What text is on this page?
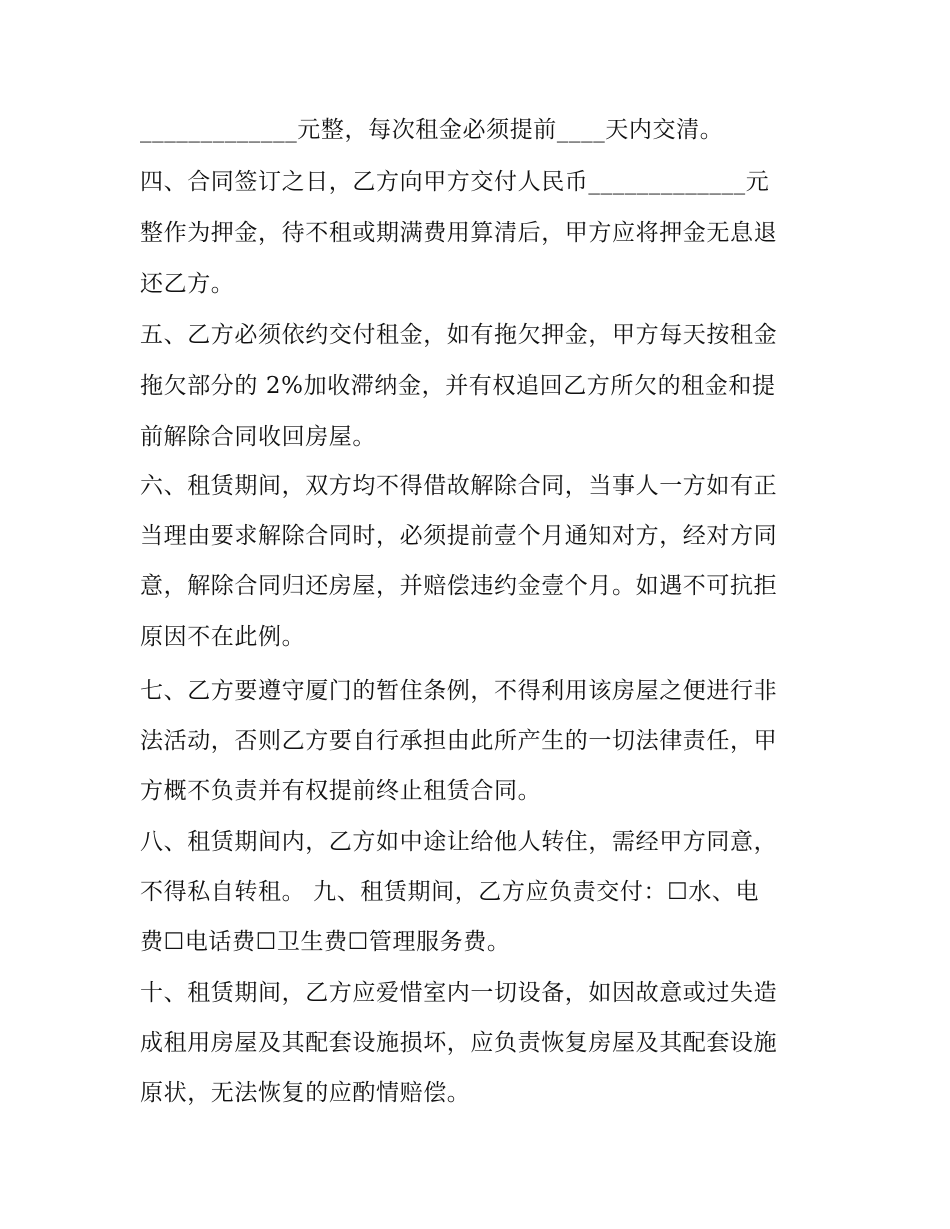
_____________元整，每次租金必须提前____天内交清。
四、合同签订之日，乙方向甲方交付人民币_____________元
整作为押金，待不租或期满费用算清后，甲方应将押金无息退
还乙方。
五、乙方必须依约交付租金，如有拖欠押金，甲方每天按租金
拖欠部分的 2%加收滞纳金，并有权追回乙方所欠的租金和提
前解除合同收回房屋。
六、租赁期间，双方均不得借故解除合同，当事人一方如有正
当理由要求解除合同时，必须提前壹个月通知对方，经对方同
意，解除合同归还房屋，并赔偿违约金壹个月。如遇不可抗拒
原因不在此例。
七、乙方要遵守厦门的暂住条例，不得利用该房屋之便进行非
法活动，否则乙方要自行承担由此所产生的一切法律责任，甲
方概不负责并有权提前终止租赁合同。
八、租赁期间内，乙方如中途让给他人转住，需经甲方同意，
不得私自转租。 九、租赁期间，乙方应负责交付：☐水、电
费☐电话费☐卫生费☐管理服务费。
十、租赁期间，乙方应爱惜室内一切设备，如因故意或过失造
成租用房屋及其配套设施损坏，应负责恢复房屋及其配套设施
原状，无法恢复的应酌情赔偿。
